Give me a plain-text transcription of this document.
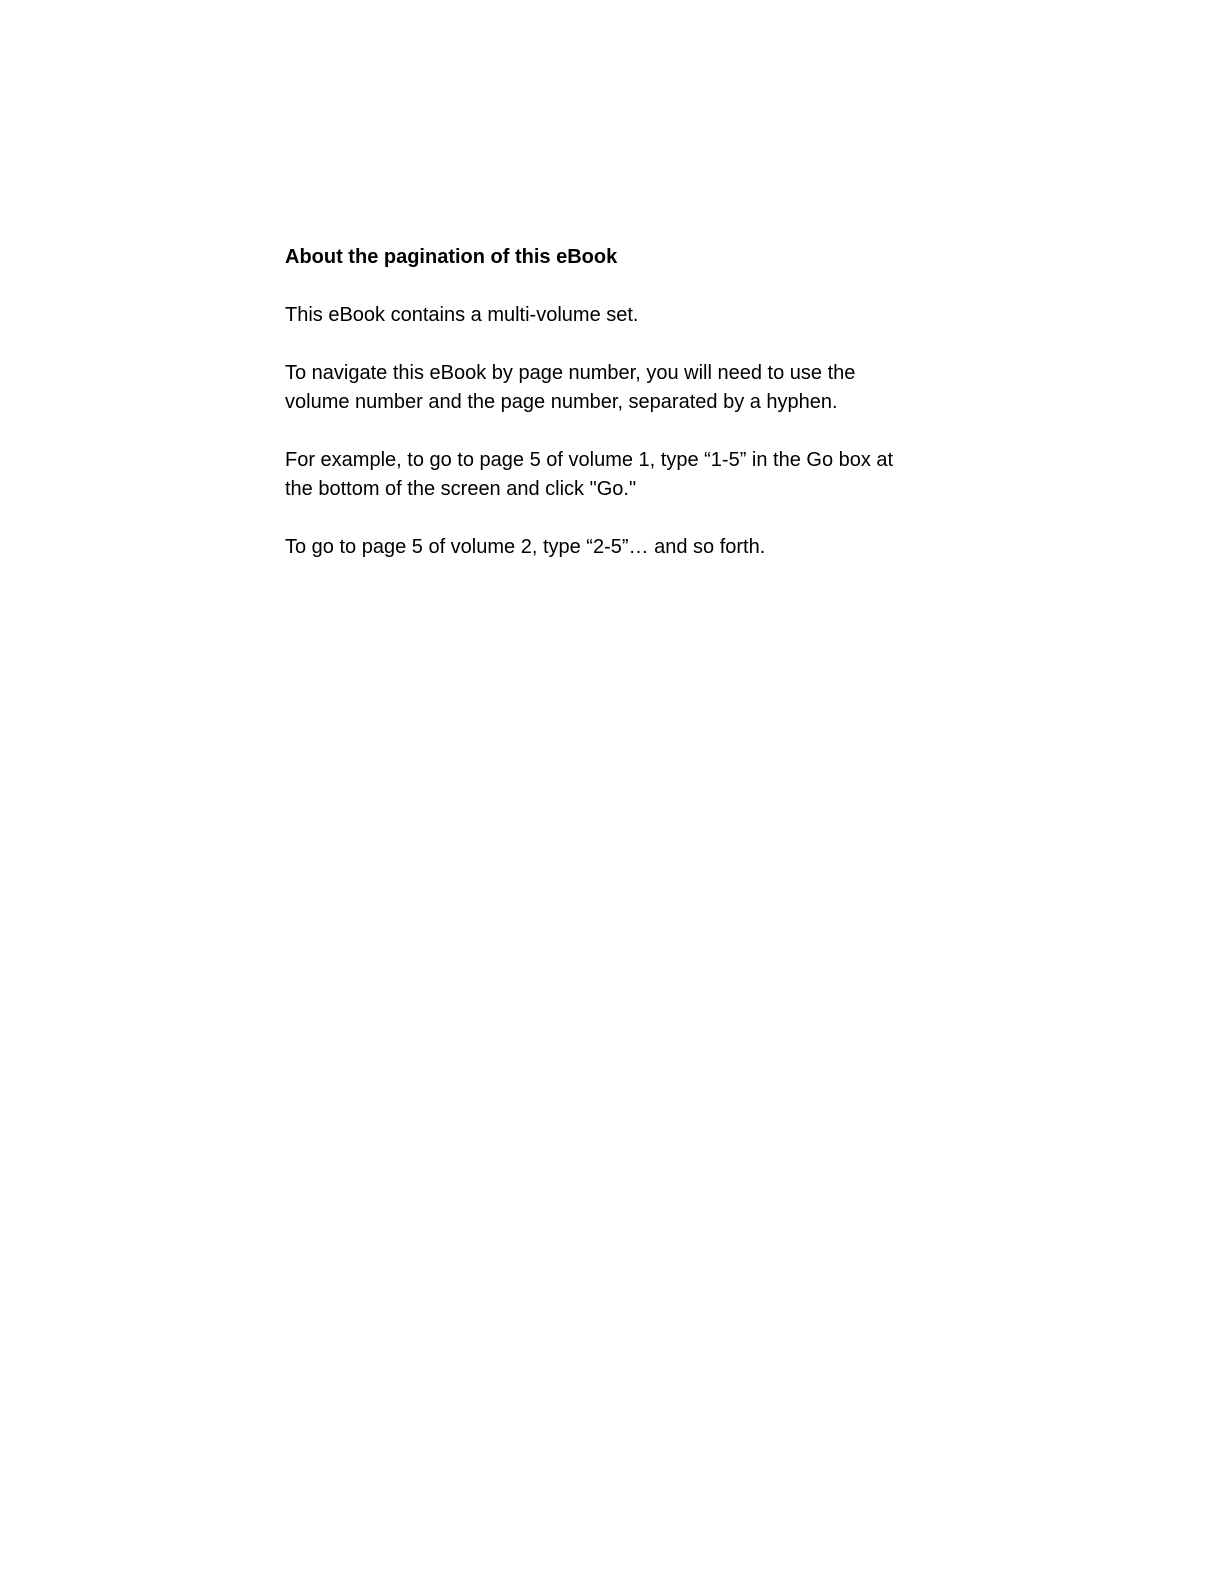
About the pagination of this eBook
This eBook contains a multi-volume set.
To navigate this eBook by page number, you will need to use the
volume number and the page number, separated by a hyphen.
For example, to go to page 5 of volume 1, type “1-5” in the Go box at
the bottom of the screen and click "Go."
To go to page 5 of volume 2, type “2-5”… and so forth.
